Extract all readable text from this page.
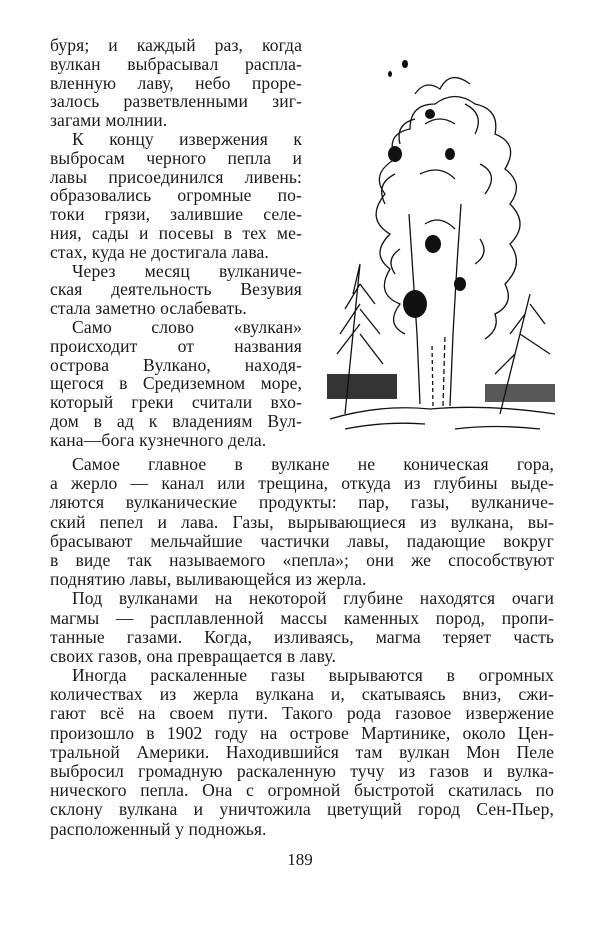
буря; и каждый раз, когда
вулкан выбрасывал распла-
вленную лаву, небо проре-
залось разветвленными зиг-
загами молнии.
К концу извержения к
выбросам черного пепла и
лавы присоединился ливень:
образовались огромные по-
токи грязи, залившие селе-
ния, сады и посевы в тех ме-
стах, куда не достигала лава.
Через месяц вулканиче-
ская деятельность Везувия
стала заметно ослабевать.
Само слово «вулкан»
происходит от названия
острова Вулкано, находя-
щегося в Средиземном море,
который греки считали вхо-
дом в ад к владениям Вул-
кана—бога кузнечного дела.
Самое главное в вулкане не коническая гора,
а жерло — канал или трещина, откуда из глубины выде-
ляются вулканические продукты: пар, газы, вулканиче-
ский пепел и лава. Газы, вырывающиеся из вулкана, вы-
брасывают мельчайшие частички лавы, падающие вокруг
в виде так называемого «пепла»; они же способствуют
поднятию лавы, выливающейся из жерла.
Под вулканами на некоторой глубине находятся очаги
магмы — расплавленной массы каменных пород, пропи-
танные газами. Когда, изливаясь, магма теряет часть
своих газов, она превращается в лаву.
Иногда раскаленные газы вырываются в огромных
количествах из жерла вулкана и, скатываясь вниз, сжи-
гают всё на своем пути. Такого рода газовое извержение
произошло в 1902 году на острове Мартинике, около Цен-
тральной Америки. Находившийся там вулкан Мон Пеле
выбросил громадную раскаленную тучу из газов и вулка-
нического пепла. Она с огромной быстротой скатилась по
склону вулкана и уничтожила цветущий город Сен-Пьер,
расположенный у подножья.
189
